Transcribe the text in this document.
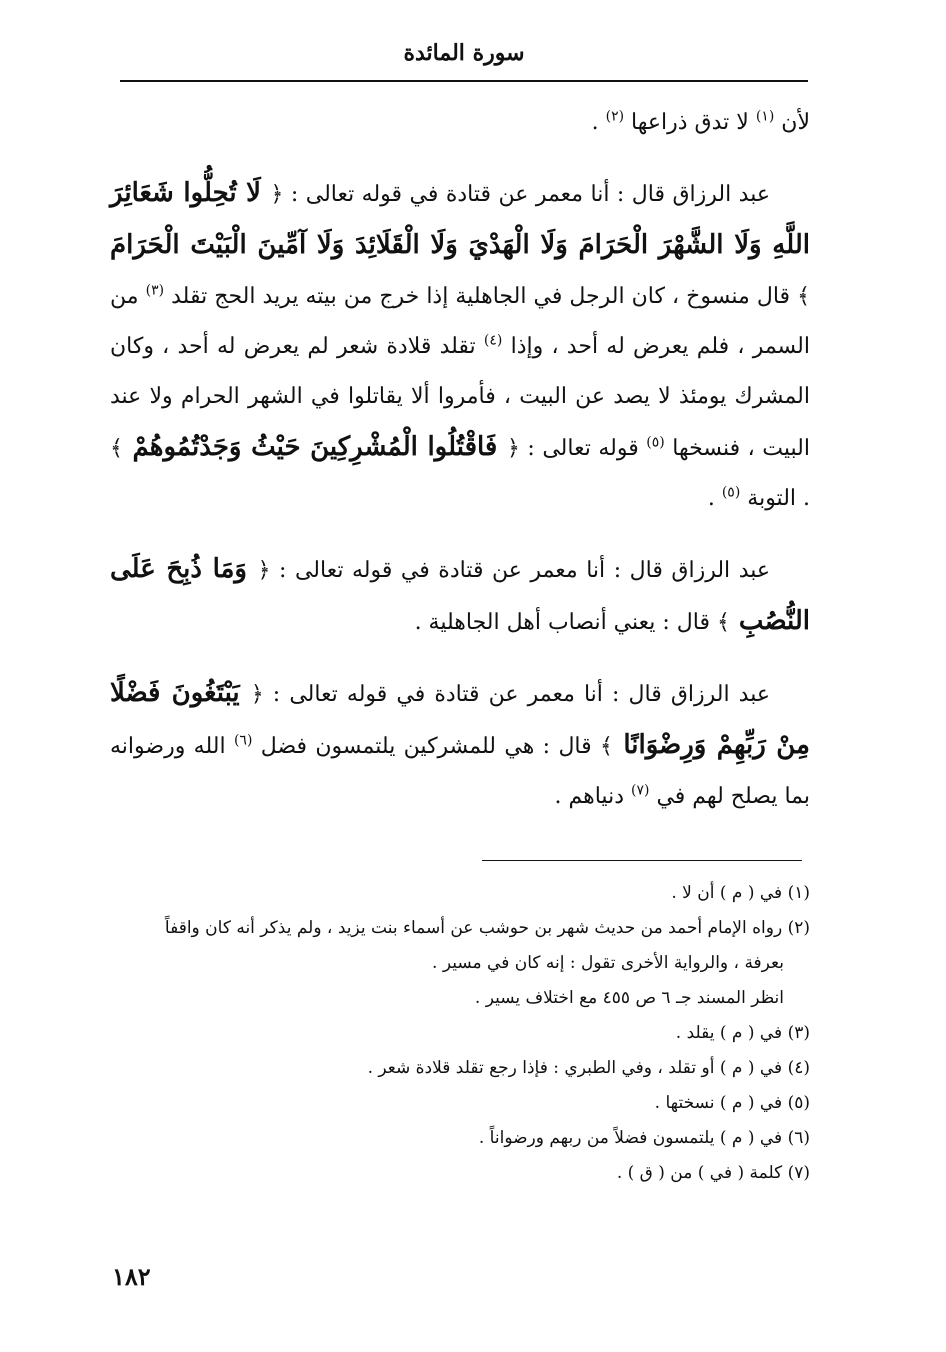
سورة المائدة

لأن $^{(١)}$ لا تدق ذراعها $^{(٢)}$ .

عبد الرزاق قال : أنا معمر عن قتادة في قوله تعالى : ﴿ لَا تُحِلُّوا شَعَائِرَ اللَّهِ وَلَا الشَّهْرَ الْحَرَامَ وَلَا الْهَدْيَ وَلَا الْقَلَائِدَ وَلَا آمِّينَ الْبَيْتَ الْحَرَامَ ﴾ قال منسوخ ، كان الرجل في الجاهلية إذا خرج من بيته يريد الحج تقلد $^{(٣)}$ من السمر ، فلم يعرض له أحد ، وإذا $^{(٤)}$ تقلد قلادة شعر لم يعرض له أحد ، وكان المشرك يومئذ لا يصد عن البيت ، فأمروا ألا يقاتلوا في الشهر الحرام ولا عند البيت ، فنسخها $^{(٥)}$ قوله تعالى : ﴿ فَاقْتُلُوا الْمُشْرِكِينَ حَيْثُ وَجَدْتُمُوهُمْ ﴾ . التوبة $^{(٥)}$ .

عبد الرزاق قال : أنا معمر عن قتادة في قوله تعالى : ﴿ وَمَا ذُبِحَ عَلَى النُّصُبِ ﴾ قال : يعني أنصاب أهل الجاهلية .

عبد الرزاق قال : أنا معمر عن قتادة في قوله تعالى : ﴿ يَبْتَغُونَ فَضْلًا مِنْ رَبِّهِمْ وَرِضْوَانًا ﴾ قال : هي للمشركين يلتمسون فضل $^{(٦)}$ الله ورضوانه بما يصلح لهم في $^{(٧)}$ دنياهم .

(١) في ( م ) أن لا .

(٢) رواه الإمام أحمد من حديث شهر بن حوشب عن أسماء بنت يزيد ، ولم يذكر أنه كان واقفاً

بعرفة ، والرواية الأخرى تقول : إنه كان في مسير .

انظر المسند جـ ٦ ص ٤٥٥ مع اختلاف يسير .

(٣) في ( م ) يقلد .

(٤) في ( م ) أو تقلد ، وفي الطبري : فإذا رجع تقلد قلادة شعر .

(٥) في ( م ) نسختها .

(٦) في ( م ) يلتمسون فضلاً من ربهم ورضواناً .

(٧) كلمة ( في ) من ( ق ) .

١٨٢
